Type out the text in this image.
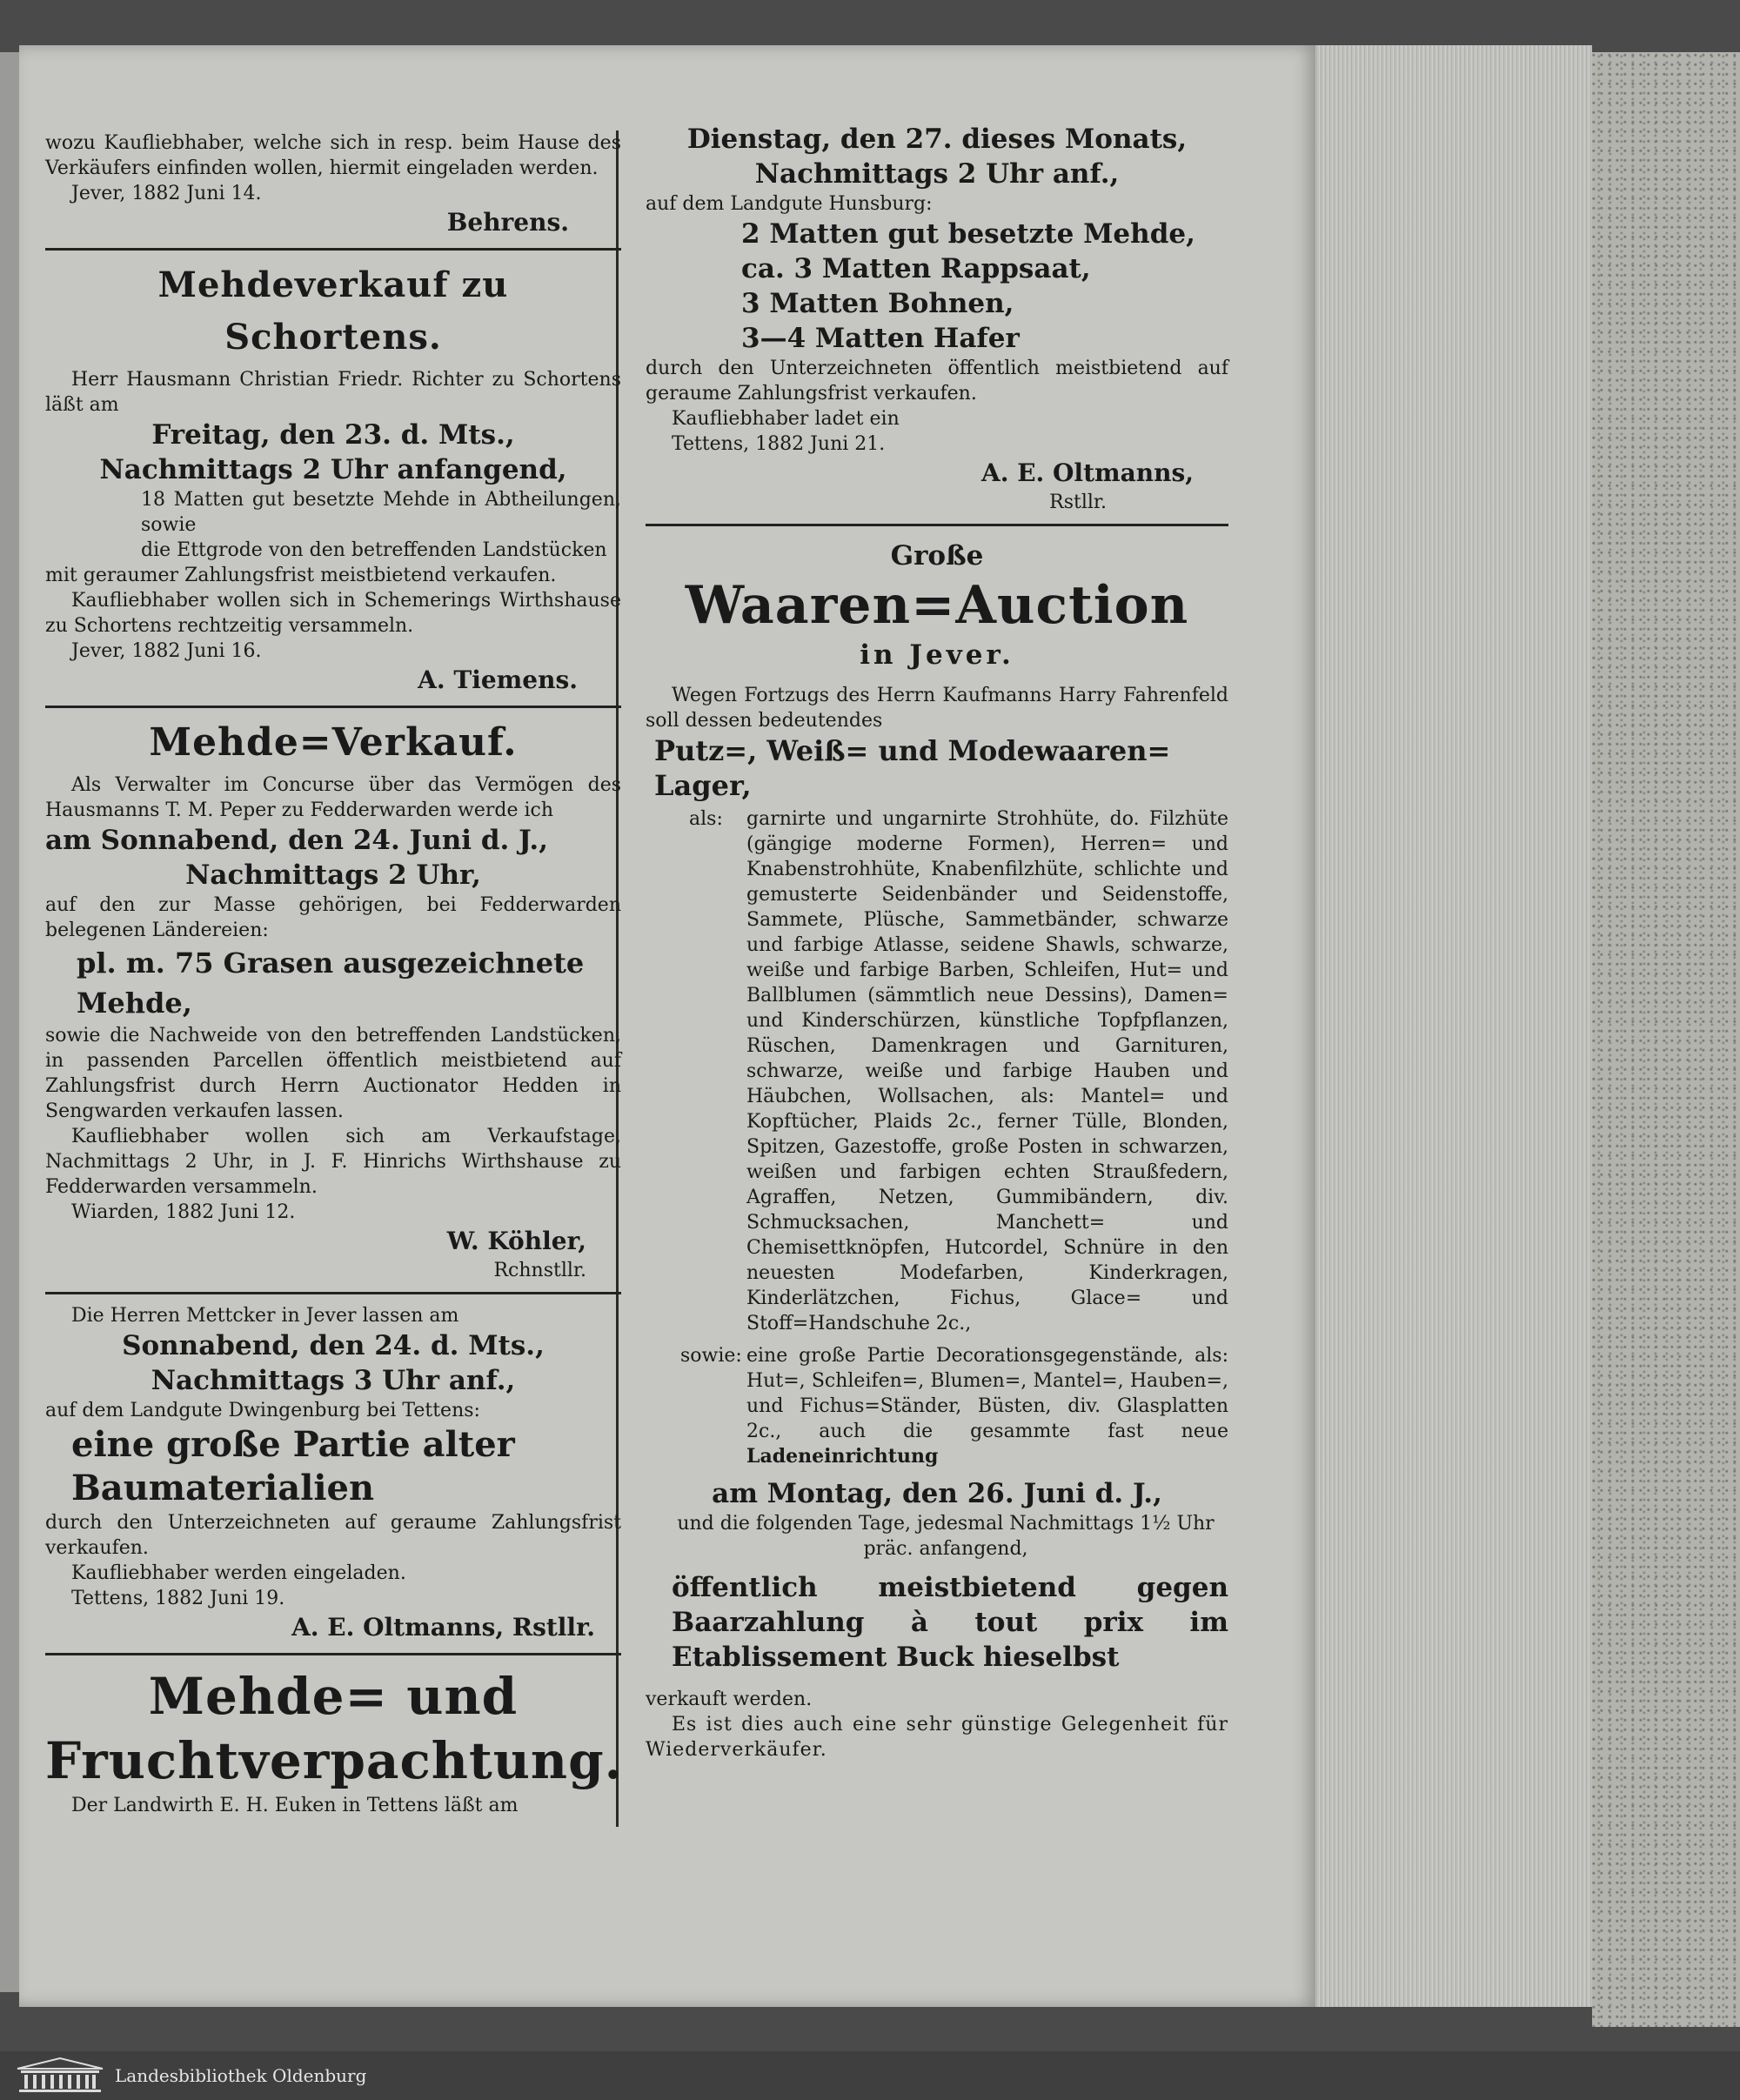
wozu Kaufliebhaber, welche sich in resp. beim Hause des Verkäufers einfinden wollen, hiermit eingeladen werden.

Jever, 1882 Juni 14.

Behrens.

Mehdeverkauf zu Schortens.

Herr Hausmann Christian Friedr. Richter zu Schortens läßt am

Freitag, den 23. d. Mts.,

Nachmittags 2 Uhr anfangend,

18 Matten gut besetzte Mehde in Abtheilungen, sowie

die Ettgrode von den betreffenden Landstücken

mit geraumer Zahlungsfrist meistbietend verkaufen.

Kaufliebhaber wollen sich in Schemerings Wirthshause zu Schortens rechtzeitig versammeln.

Jever, 1882 Juni 16.

A. Tiemens.

Mehde=Verkauf.

Als Verwalter im Concurse über das Vermögen des Hausmanns T. M. Peper zu Fedderwarden werde ich

am Sonnabend, den 24. Juni d. J.,

Nachmittags 2 Uhr,

auf den zur Masse gehörigen, bei Fedderwarden belegenen Ländereien:

pl. m. 75 Grasen ausgezeichnete Mehde,

sowie die Nachweide von den betreffenden Landstücken, in passenden Parcellen öffentlich meistbietend auf Zahlungsfrist durch Herrn Auctionator Hedden in Sengwarden verkaufen lassen.

Kaufliebhaber wollen sich am Verkaufstage, Nachmittags 2 Uhr, in J. F. Hinrichs Wirthshause zu Fedderwarden versammeln.

Wiarden, 1882 Juni 12.

W. Köhler,

Rchnstllr.

Die Herren Mettcker in Jever lassen am

Sonnabend, den 24. d. Mts.,

Nachmittags 3 Uhr anf.,

auf dem Landgute Dwingenburg bei Tettens:

eine große Partie alter Baumaterialien

durch den Unterzeichneten auf geraume Zahlungsfrist verkaufen.

Kaufliebhaber werden eingeladen.

Tettens, 1882 Juni 19.

A. E. Oltmanns, Rstllr.

Mehde= und

Fruchtverpachtung.

Der Landwirth E. H. Euken in Tettens läßt am

Dienstag, den 27. dieses Monats,

Nachmittags 2 Uhr anf.,

auf dem Landgute Hunsburg:

2 Matten gut besetzte Mehde,

ca. 3 Matten Rappsaat,

3 Matten Bohnen,

3—4 Matten Hafer

durch den Unterzeichneten öffentlich meistbietend auf geraume Zahlungsfrist verkaufen.

Kaufliebhaber ladet ein

Tettens, 1882 Juni 21.

A. E. Oltmanns,

Rstllr.

Große

Waaren=Auction

in Jever.

Wegen Fortzugs des Herrn Kaufmanns Harry Fahrenfeld soll dessen bedeutendes

Putz=, Weiß= und Modewaaren= Lager,

als:	garnirte und ungarnirte Strohhüte, do. Filzhüte (gängige moderne Formen), Herren= und Knabenstrohhüte, Knabenfilzhüte, schlichte und gemusterte Seidenbänder und Seidenstoffe, Sammete, Plüsche, Sammetbänder, schwarze und farbige Atlasse, seidene Shawls, schwarze, weiße und farbige Barben, Schleifen, Hut= und Ballblumen (sämmtlich neue Dessins), Damen= und Kinderschürzen, künstliche Topfpflanzen, Rüschen, Damenkragen und Garnituren, schwarze, weiße und farbige Hauben und Häubchen, Wollsachen, als: Mantel= und Kopftücher, Plaids 2c., ferner Tülle, Blonden, Spitzen, Gazestoffe, große Posten in schwarzen, weißen und farbigen echten Straußfedern, Agraffen, Netzen, Gummibändern, div. Schmucksachen, Manchett= und Chemisettknöpfen, Hutcordel, Schnüre in den neuesten Modefarben, Kinderkragen, Kinderlätzchen, Fichus, Glace= und Stoff=Handschuhe 2c.,

sowie: eine große Partie Decorationsgegenstände, als: Hut=, Schleifen=, Blumen=, Mantel=, Hauben=, und Fichus=Ständer, Büsten, div. Glasplatten 2c., auch die gesammte fast neue Ladeneinrichtung

am Montag, den 26. Juni d. J.,

und die folgenden Tage, jedesmal Nachmittags 1½ Uhr präc. anfangend,

öffentlich meistbietend gegen Baarzahlung à tout prix im Etablissement Buck hieselbst

verkauft werden.

Es ist dies auch eine sehr günstige Gelegenheit für Wiederverkäufer.

Landesbibliothek Oldenburg
